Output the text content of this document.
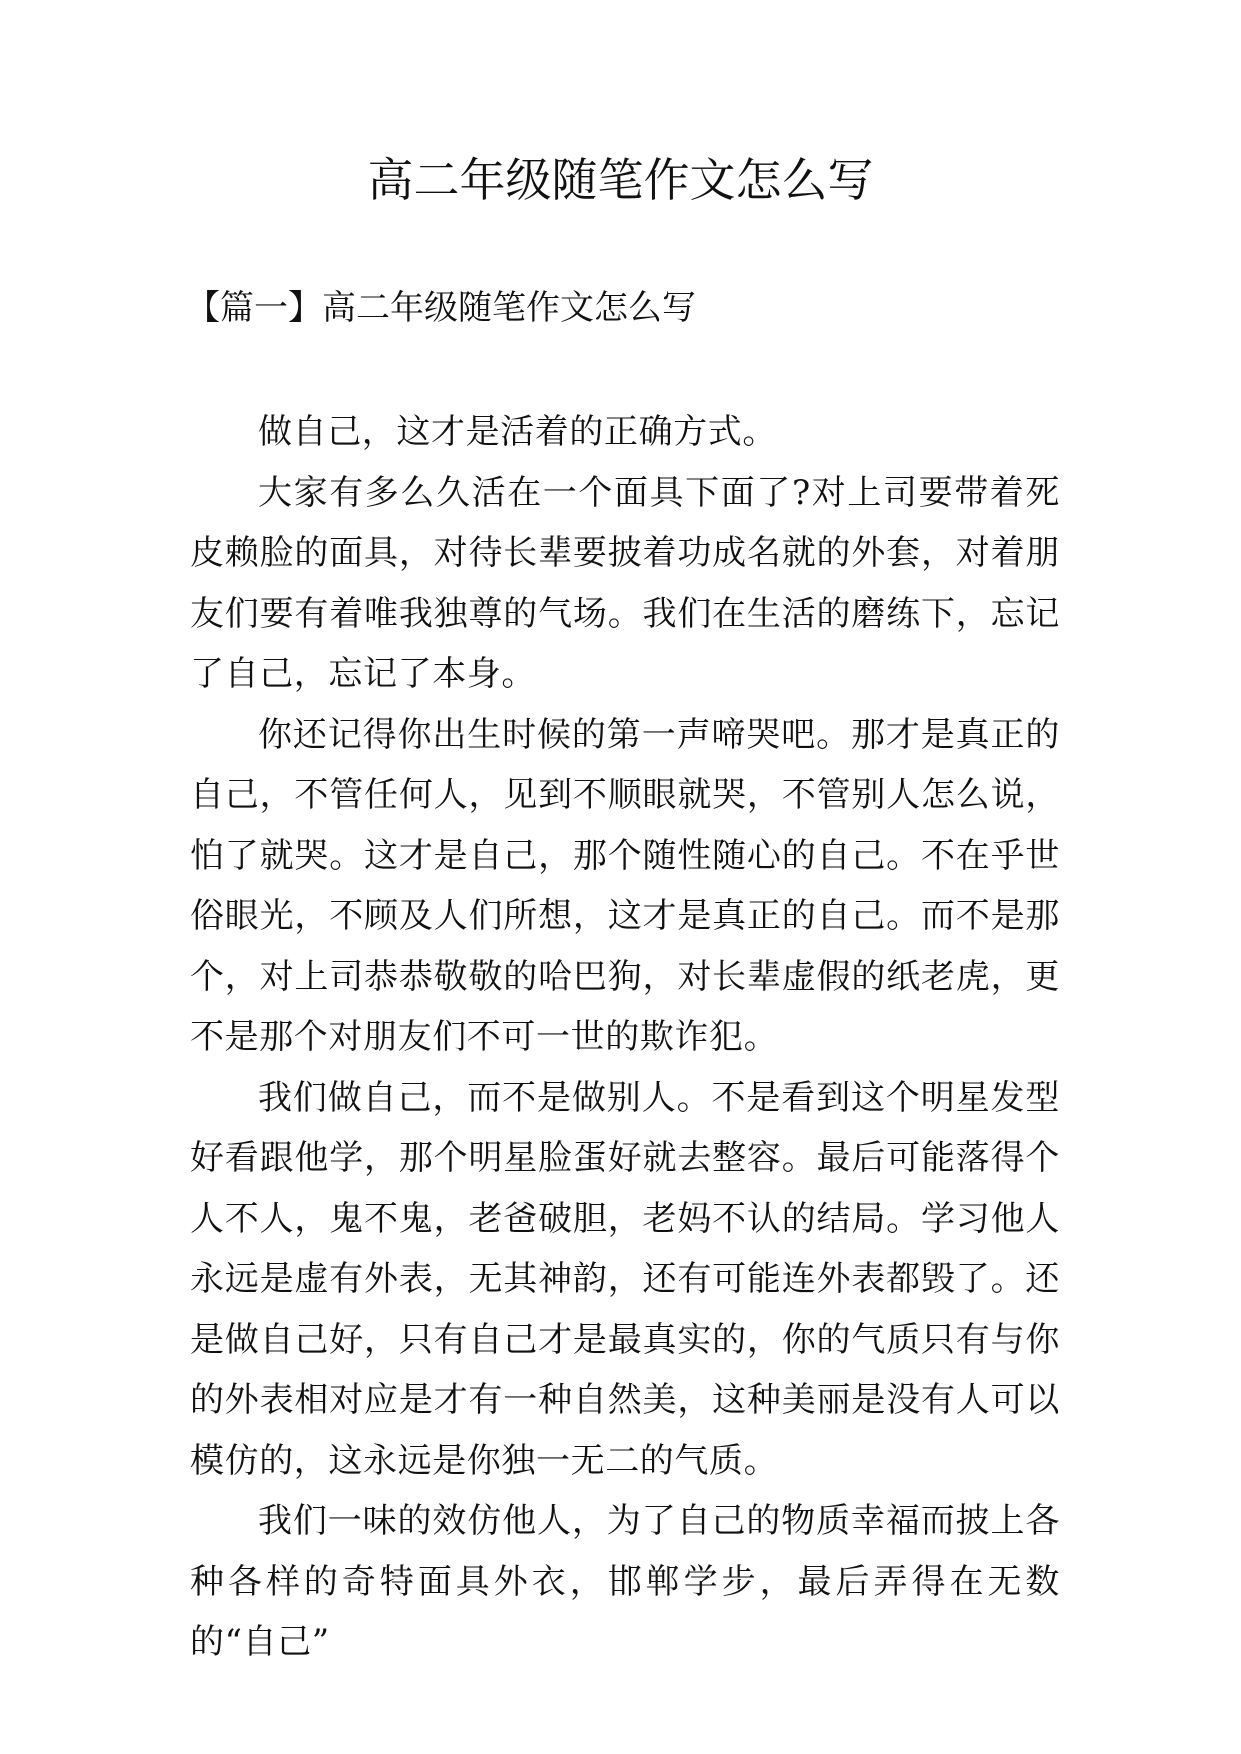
高二年级随笔作文怎么写
【篇一】高二年级随笔作文怎么写

做自己，这才是活着的正确方式。

大家有多么久活在一个面具下面了?对上司要带着死皮赖脸的面具，对待长辈要披着功成名就的外套，对着朋友们要有着唯我独尊的气场。我们在生活的磨练下，忘记了自己，忘记了本身。

你还记得你出生时候的第一声啼哭吧。那才是真正的自己，不管任何人，见到不顺眼就哭，不管别人怎么说，怕了就哭。这才是自己，那个随性随心的自己。不在乎世俗眼光，不顾及人们所想，这才是真正的自己。而不是那个，对上司恭恭敬敬的哈巴狗，对长辈虚假的纸老虎，更不是那个对朋友们不可一世的欺诈犯。

我们做自己，而不是做别人。不是看到这个明星发型好看跟他学，那个明星脸蛋好就去整容。最后可能落得个人不人，鬼不鬼，老爸破胆，老妈不认的结局。学习他人永远是虚有外表，无其神韵，还有可能连外表都毁了。还是做自己好，只有自己才是最真实的，你的气质只有与你的外表相对应是才有一种自然美，这种美丽是没有人可以模仿的，这永远是你独一无二的气质。

我们一味的效仿他人，为了自己的物质幸福而披上各种各样的奇特面具外衣，邯郸学步，最后弄得在无数的“自己”
